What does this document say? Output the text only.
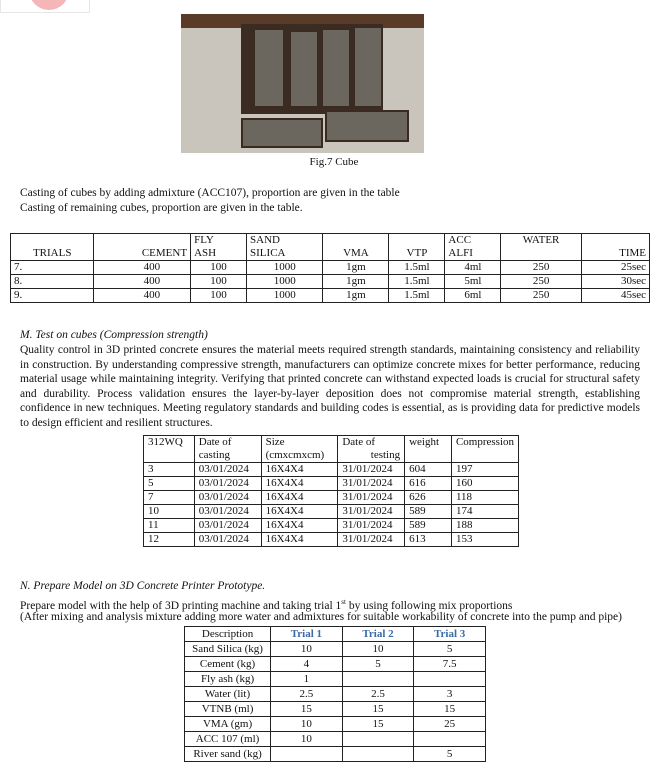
Fig.7 Cube
Casting of cubes by adding admixture (ACC107), proportion are given in the table
Casting of remaining cubes, proportion are given in the table.
		FLY	SAND			ACC	WATER	
TRIALS	CEMENT	ASH	SILICA	VMA	VTP	ALFI		TIME
7.	400	100	1000	1gm	1.5ml	4ml	250	25sec
8.	400	100	1000	1gm	1.5ml	5ml	250	30sec
9.	400	100	1000	1gm	1.5ml	6ml	250	45sec
M. Test on cubes (Compression strength)
Quality control in 3D printed concrete ensures the material meets required strength standards, maintaining consistency and reliability in construction. By understanding compressive strength, manufacturers can optimize concrete mixes for better performance, reducing material usage while maintaining integrity. Verifying that printed concrete can withstand expected loads is crucial for structural safety and durability. Process validation ensures the layer-by-layer deposition does not compromise material strength, establishing confidence in new techniques. Meeting regulatory standards and building codes is essential, as is providing data for predictive models to design efficient and resilient structures.
312WQ	Date of	Size	Date of	weight	Compression
	casting	(cmxcmxcm)	testing		
3	03/01/2024	16X4X4	31/01/2024	604	197
5	03/01/2024	16X4X4	31/01/2024	616	160
7	03/01/2024	16X4X4	31/01/2024	626	118
10	03/01/2024	16X4X4	31/01/2024	589	174
11	03/01/2024	16X4X4	31/01/2024	589	188
12	03/01/2024	16X4X4	31/01/2024	613	153
N. Prepare Model on 3D Concrete Printer Prototype.
Prepare model with the help of 3D printing machine and taking trial 1st by using following mix proportions
(After mixing and analysis mixture adding more water and admixtures for suitable workability of concrete into the pump and pipe)
Description	Trial 1	Trial 2	Trial 3
Sand Silica (kg)	10	10	5
Cement (kg)	4	5	7.5
Fly ash (kg)	1		
Water (lit)	2.5	2.5	3
VTNB (ml)	15	15	15
VMA (gm)	10	15	25
ACC 107 (ml)	10		
River sand (kg)			5
